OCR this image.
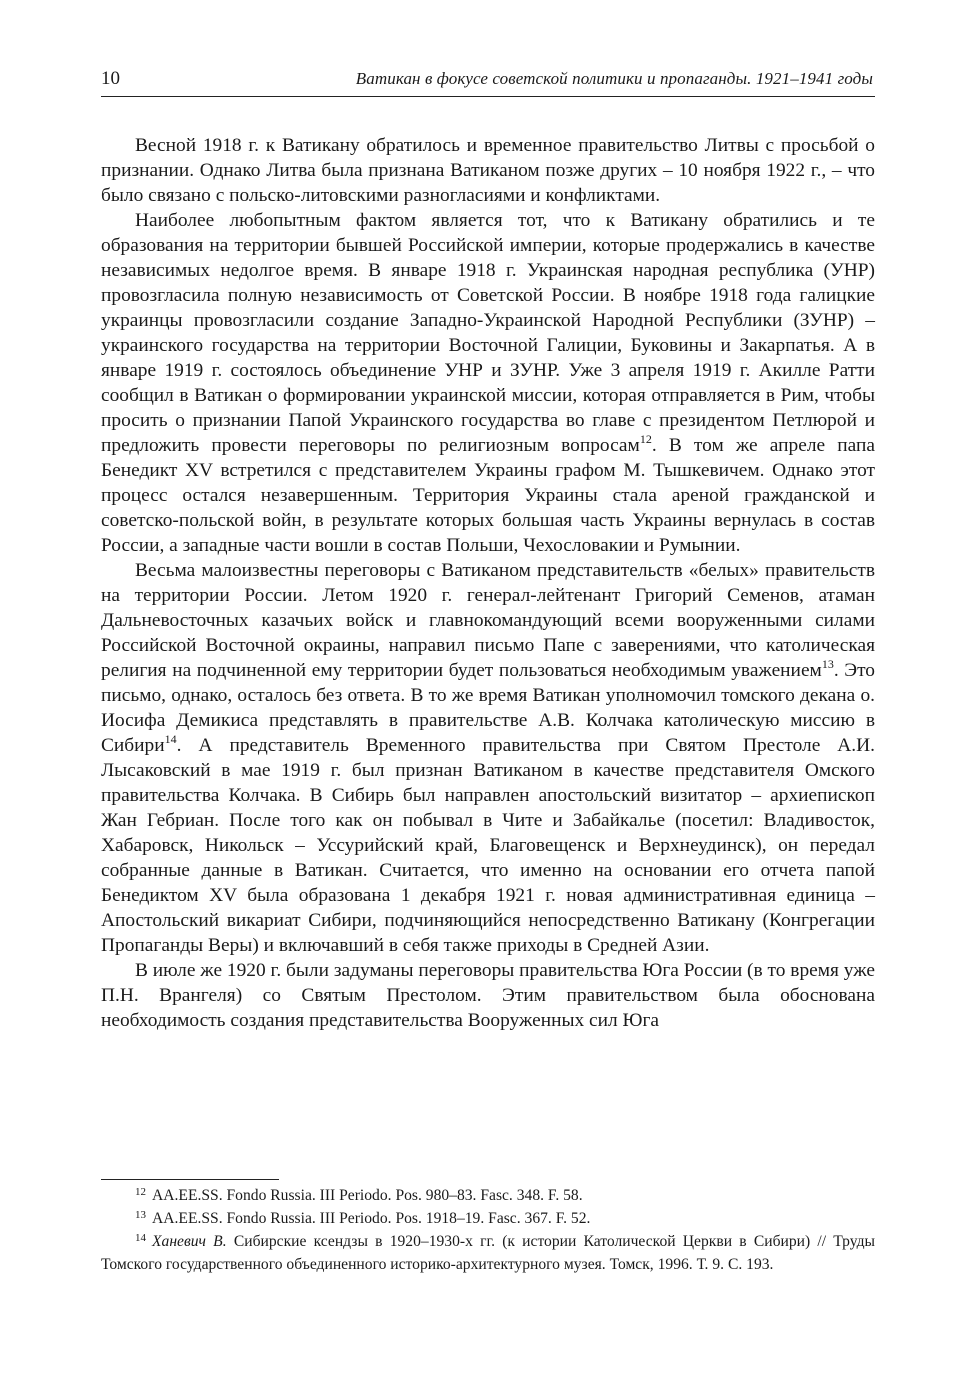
10	Ватикан в фокусе советской политики и пропаганды. 1921–1941 годы

Весной 1918 г. к Ватикану обратилось и временное правительство Литвы с просьбой о признании. Однако Литва была признана Ватиканом позже других – 10 ноября 1922 г., – что было связано с польско-литовскими разногласиями и конфликтами.

Наиболее любопытным фактом является тот, что к Ватикану обратились и те образования на территории бывшей Российской империи, которые продержались в качестве независимых недолгое время. В январе 1918 г. Украинская народная республика (УНР) провозгласила полную независимость от Советской России. В ноябре 1918 года галицкие украинцы провозгласили создание Западно-Украинской Народной Республики (ЗУНР) – украинского государства на территории Восточной Галиции, Буковины и Закарпатья. А в январе 1919 г. состоялось объединение УНР и ЗУНР. Уже 3 апреля 1919 г. Акилле Ратти сообщил в Ватикан о формировании украинской миссии, которая отправляется в Рим, чтобы просить о признании Папой Украинского государства во главе с президентом Петлюрой и предложить провести переговоры по религиозным вопросам$^{12}$. В том же апреле папа Бенедикт XV встретился с представителем Украины графом М. Тышкевичем. Однако этот процесс остался незавершенным. Территория Украины стала ареной гражданской и советско-польской войн, в результате которых большая часть Украины вернулась в состав России, а западные части вошли в состав Польши, Чехословакии и Румынии.

Весьма малоизвестны переговоры с Ватиканом представительств «белых» правительств на территории России. Летом 1920 г. генерал-лейтенант Григорий Семенов, атаман Дальневосточных казачьих войск и главнокомандующий всеми вооруженными силами Российской Восточной окраины, направил письмо Папе с заверениями, что католическая религия на подчиненной ему территории будет пользоваться необходимым уважением$^{13}$. Это письмо, однако, осталось без ответа. В то же время Ватикан уполномочил томского декана о. Иосифа Демикиса представлять в правительстве А.В. Колчака католическую миссию в Сибири$^{14}$. А представитель Временного правительства при Святом Престоле А.И. Лысаковский в мае 1919 г. был признан Ватиканом в качестве представителя Омского правительства Колчака. В Сибирь был направлен апостольский визитатор – архиепископ Жан Гебриан. После того как он побывал в Чите и Забайкалье (посетил: Владивосток, Хабаровск, Никольск – Уссурийский край, Благовещенск и Верхнеудинск), он передал собранные данные в Ватикан. Считается, что именно на основании его отчета папой Бенедиктом XV была образована 1 декабря 1921 г. новая административная единица – Апостольский викариат Сибири, подчиняющийся непосредственно Ватикану (Конгрегации Пропаганды Веры) и включавший в себя также приходы в Средней Азии.

В июле же 1920 г. были задуманы переговоры правительства Юга России (в то время уже П.Н. Врангеля) со Святым Престолом. Этим правительством была обоснована необходимость создания представительства Вооруженных сил Юга

$^{12}$ AA.EE.SS. Fondo Russia. III Periodo. Pos. 980–83. Fasc. 348. F. 58.

$^{13}$ AA.EE.SS. Fondo Russia. III Periodo. Pos. 1918–19. Fasc. 367. F. 52.

$^{14}$ Ханевич В. Сибирские ксендзы в 1920–1930-х гг. (к истории Католической Церкви в Сибири) // Труды Томского государственного объединенного историко-архитектурного музея. Томск, 1996. Т. 9. С. 193.
